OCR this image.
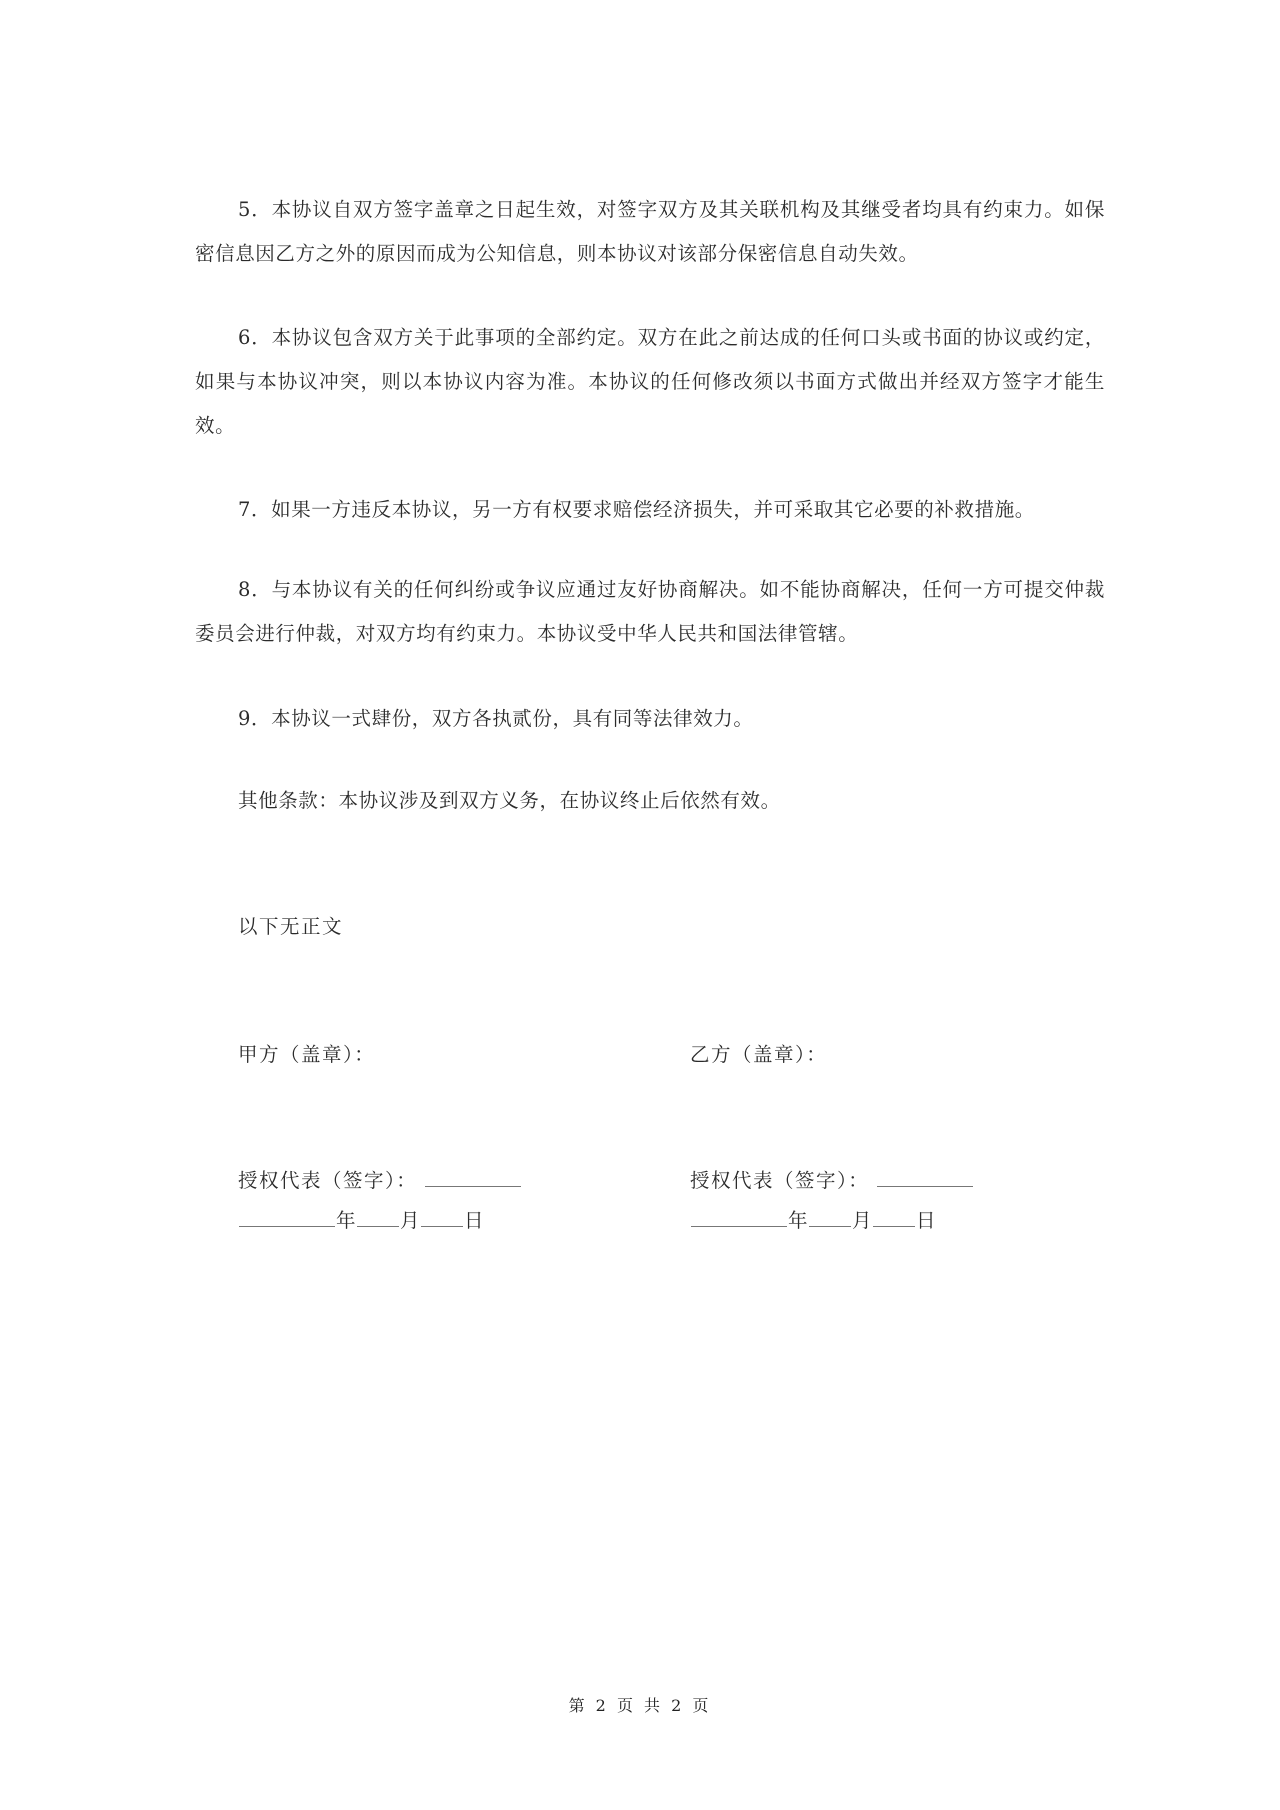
5．本协议自双方签字盖章之日起生效，对签字双方及其关联机构及其继受者均具有约束力。如保密信息因乙方之外的原因而成为公知信息，则本协议对该部分保密信息自动失效。

6．本协议包含双方关于此事项的全部约定。双方在此之前达成的任何口头或书面的协议或约定，如果与本协议冲突，则以本协议内容为准。本协议的任何修改须以书面方式做出并经双方签字才能生效。

7．如果一方违反本协议，另一方有权要求赔偿经济损失，并可采取其它必要的补救措施。

8．与本协议有关的任何纠纷或争议应通过友好协商解决。如不能协商解决，任何一方可提交仲裁委员会进行仲裁，对双方均有约束力。本协议受中华人民共和国法律管辖。

9．本协议一式肆份，双方各执贰份，具有同等法律效力。

其他条款：本协议涉及到双方义务，在协议终止后依然有效。
以下无正文
甲方（盖章）：
授权代表（签字）：
年 月 日
乙方（盖章）：
授权代表（签字）：
年 月 日
第 2 页 共 2 页
